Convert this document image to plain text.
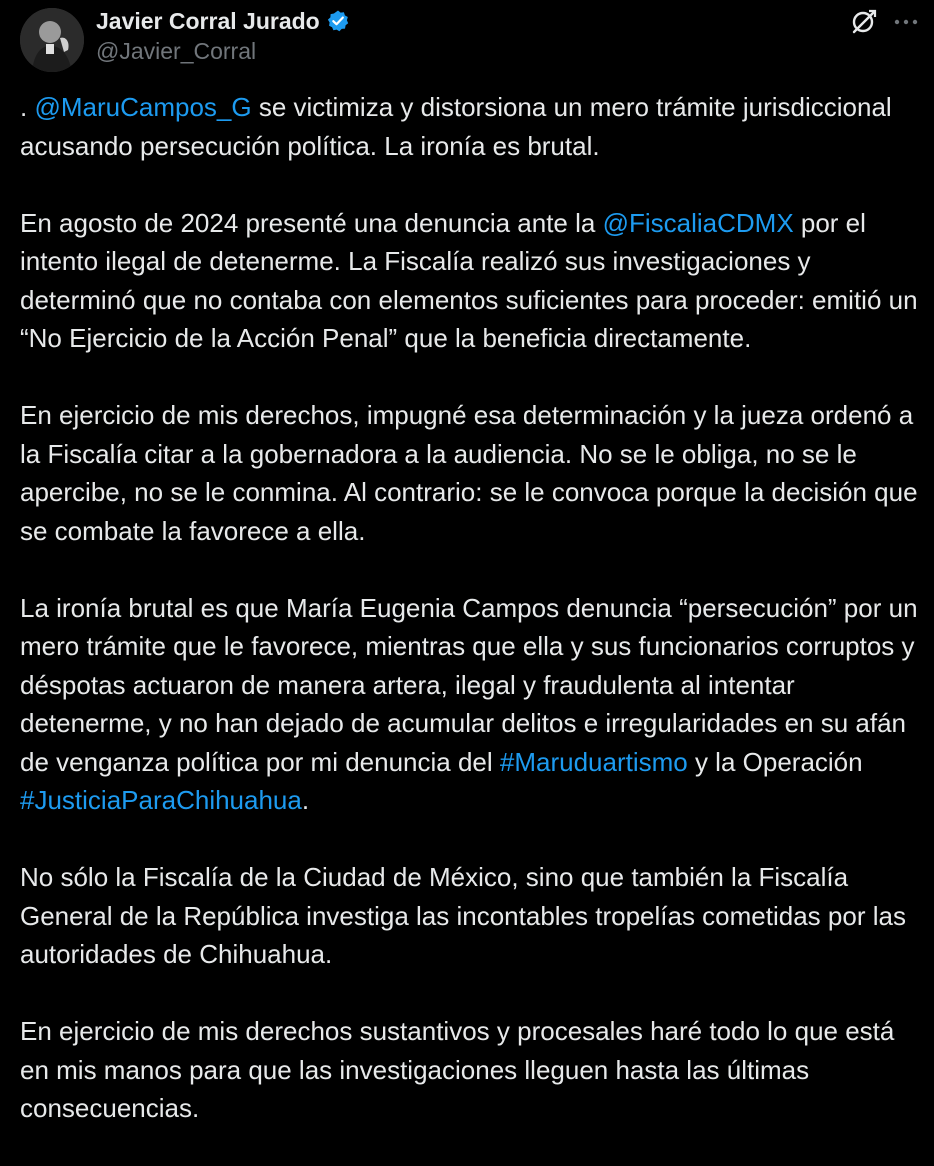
Javier Corral Jurado
@Javier_Corral

. @MaruCampos_G se victimiza y distorsiona un mero trámite jurisdiccional acusando persecución política. La ironía es brutal.

En agosto de 2024 presenté una denuncia ante la @FiscaliaCDMX por el intento ilegal de detenerme. La Fiscalía realizó sus investigaciones y determinó que no contaba con elementos suficientes para proceder: emitió un “No Ejercicio de la Acción Penal” que la beneficia directamente.

En ejercicio de mis derechos, impugné esa determinación y la jueza ordenó a la Fiscalía citar a la gobernadora a la audiencia. No se le obliga, no se le apercibe, no se le conmina. Al contrario: se le convoca porque la decisión que se combate la favorece a ella.

La ironía brutal es que María Eugenia Campos denuncia “persecución” por un mero trámite que le favorece, mientras que ella y sus funcionarios corruptos y déspotas actuaron de manera artera, ilegal y fraudulenta al intentar detenerme, y no han dejado de acumular delitos e irregularidades en su afán de venganza política por mi denuncia del #Maruduartismo y la Operación #JusticiaParaChihuahua.

No sólo la Fiscalía de la Ciudad de México, sino que también la Fiscalía General de la República investiga las incontables tropelías cometidas por las autoridades de Chihuahua.

En ejercicio de mis derechos sustantivos y procesales haré todo lo que está en mis manos para que las investigaciones lleguen hasta las últimas consecuencias.
